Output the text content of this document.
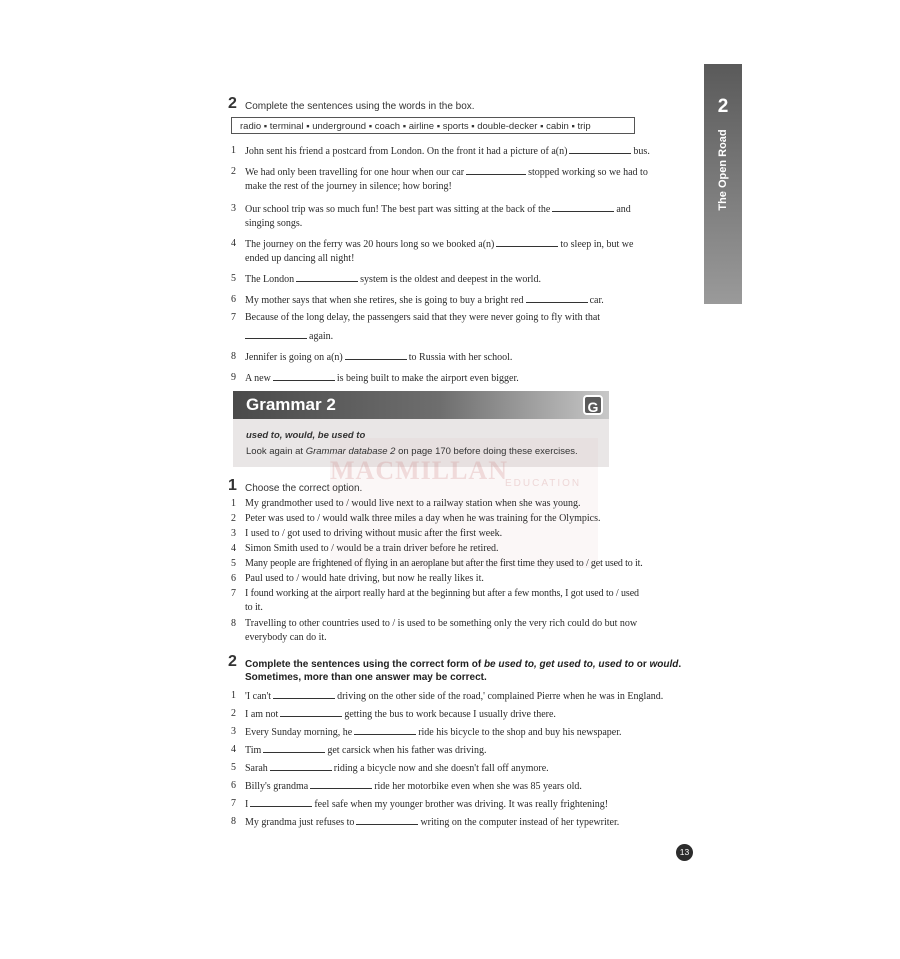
2
The Open Road
2 Complete the sentences using the words in the box.
radio ▪ terminal ▪ underground ▪ coach ▪ airline ▪ sports ▪ double-decker ▪ cabin ▪ trip
1 John sent his friend a postcard from London. On the front it had a picture of a(n)	bus.
2 We had only been travelling for one hour when our car	stopped working so we had to
make the rest of the journey in silence; how boring!
3 Our school trip was so much fun! The best part was sitting at the back of the	and
singing songs.
4 The journey on the ferry was 20 hours long so we booked a(n)	to sleep in, but we
ended up dancing all night!
5 The London	system is the oldest and deepest in the world.
6 My mother says that when she retires, she is going to buy a bright red	car.
7 Because of the long delay, the passengers said that they were never going to fly with that
again.
8 Jennifer is going on a(n)	to Russia with her school.
9 A new	is being built to make the airport even bigger.
Grammar 2	G
used to, would, be used to
Look again at Grammar database 2 on page 170 before doing these exercises.
MACMILLAN
EDUCATION
1 Choose the correct option.
1 My grandmother used to / would live next to a railway station when she was young.
2 Peter was used to / would walk three miles a day when he was training for the Olympics.
3 I used to / got used to driving without music after the first week.
4 Simon Smith used to / would be a train driver before he retired.
5 Many people are frightened of flying in an aeroplane but after the first time they used to / get used to it.
6 Paul used to / would hate driving, but now he really likes it.
7 I found working at the airport really hard at the beginning but after a few months, I got used to / used
to it.
8 Travelling to other countries used to / is used to be something only the very rich could do but now
everybody can do it.
2 Complete the sentences using the correct form of be used to, get used to, used to or would.
Sometimes, more than one answer may be correct.
1 'I can't	driving on the other side of the road,' complained Pierre when he was in England.
2 I am not	getting the bus to work because I usually drive there.
3 Every Sunday morning, he	ride his bicycle to the shop and buy his newspaper.
4 Tim	get carsick when his father was driving.
5 Sarah	riding a bicycle now and she doesn't fall off anymore.
6 Billy's grandma	ride her motorbike even when she was 85 years old.
7 I	feel safe when my younger brother was driving. It was really frightening!
8 My grandma just refuses to	writing on the computer instead of her typewriter.
13
